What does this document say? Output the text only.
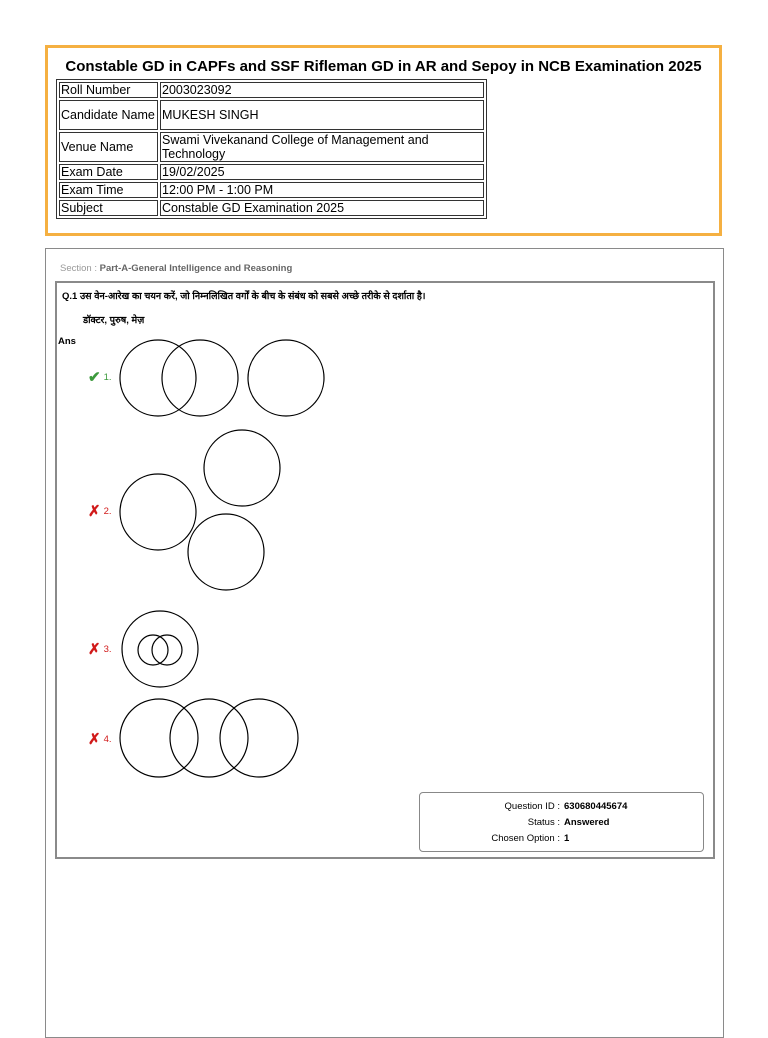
Constable GD in CAPFs and SSF Rifleman GD in AR and Sepoy in NCB Examination 2025
Roll Number	2003023092
Candidate Name	MUKESH SINGH
Venue Name	Swami Vivekanand College of Management and Technology
Exam Date	19/02/2025
Exam Time	12:00 PM - 1:00 PM
Subject	Constable GD Examination 2025
Section : Part-A-General Intelligence and Reasoning
Q.1 उस वेन-आरेख का चयन करें, जो निम्नलिखित वर्गों के बीच के संबंध को सबसे अच्छे तरीके से दर्शाता है।
डॉक्टर, पुरुष, मेज़
Ans
✔ 1.
✗ 2.
✗ 3.
✗ 4.
Question ID : 630680445674
Status : Answered
Chosen Option : 1
